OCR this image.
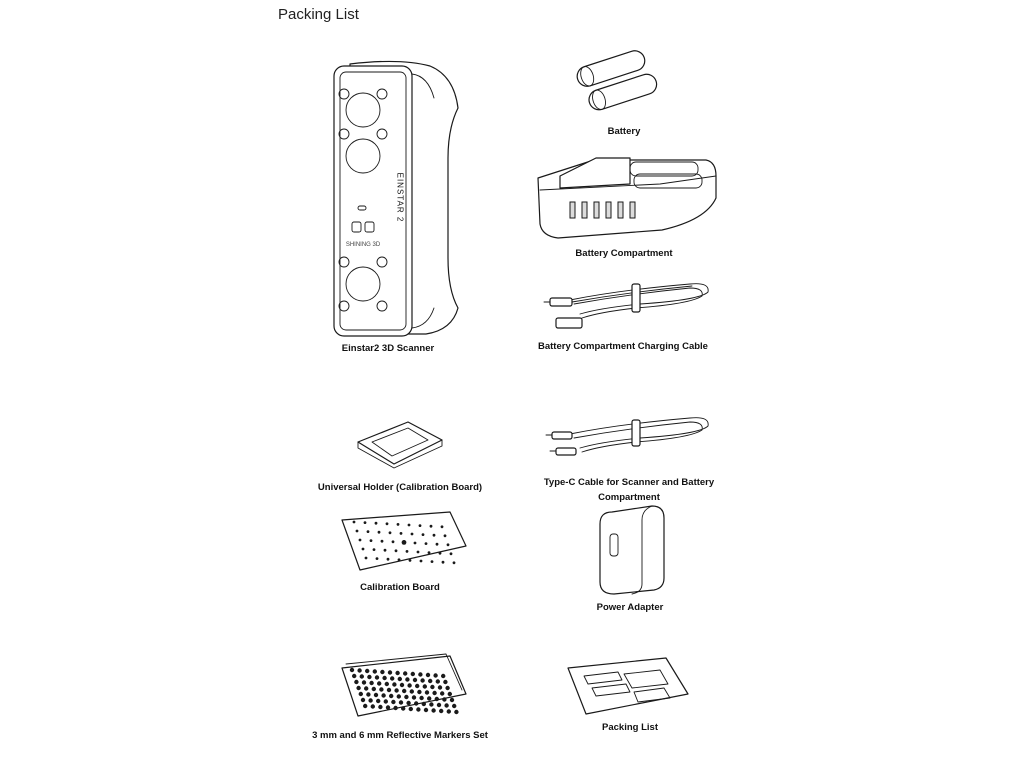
Packing List
EINSTAR 2
SHINING 3D
Einstar2 3D Scanner
Battery
Battery Compartment
Battery Compartment Charging Cable
Universal Holder (Calibration Board)	Type-C Cable for Scanner and Battery
Compartment
Calibration Board
Power Adapter
3 mm and 6 mm Reflective Markers Set
Packing List
